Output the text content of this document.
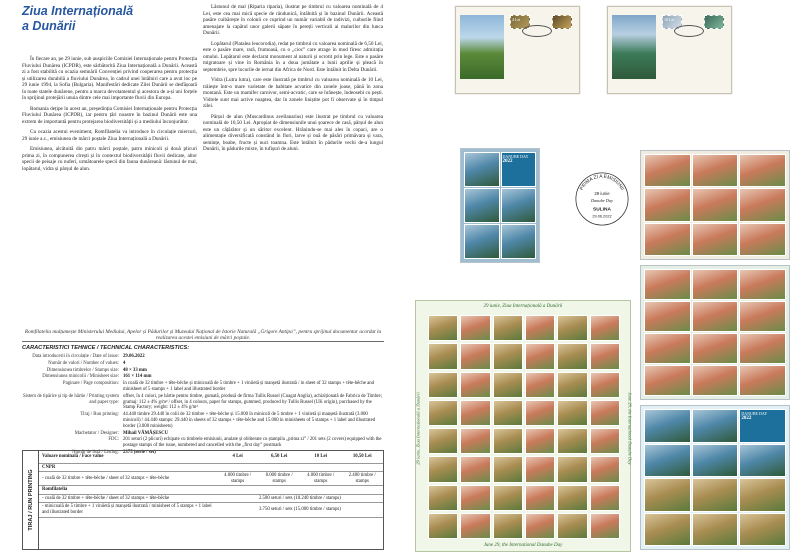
Ziua Internațională
a Dunării

În fiecare an, pe 29 iunie, sub auspiciile Comisiei Internaționale pentru Protecția Fluviului Dunărea (ICPDR), este sărbătorită Ziua Internațională a Dunării. Această zi a fost stabilită cu ocazia semnării Convenției privind cooperarea pentru protecția și utilizarea durabilă a fluviului Dunărea, în cadrul unei întâlniri care a avut loc pe 29 iunie 1994, la Sofia (Bulgaria). Manifestări dedicate Zilei Dunării se desfășoară în toate statele dunărene, pentru a marca devotamentul și acestora de a-și uni forțele în sprijinul protejării unuia dintre cele mai importante fluvii din Europa.

Romania dețipe în acest an, președinția Comisiei Internaționale pentru Protecția Fluviului Dunărea (ICPDR), iar pentru țări noastre în bazinul Dunării este una extrem de importantă pentru protejarea biodiversității și a mediului înconjurător.

Cu ocazia acestui eveniment, Romfilatelia va introduce în circulație miercuri, 29 iunie a.c., emisiunea de mărci poștale Ziua Internațională a Dunării.

Emisiunea, alcătuită din patru mărci poștale, patru minicoli și două plicuri prima zi, în compunerea clrești și în contextul biodiversității fluvii dedicate, altor specii de peisaje cu nuferi, următoarele specii din fauna dunăreană: lăstunul de mal, lopătarul, vidra și pârșul de alun.

Lăstunul de mal (Riparia riparia), ilustrat pe timbrul cu valoarea nominală de 4 Lei, este cea mai mică specie de rândunică, întâlnită și în bazinul Dunării. Această pasăre cuibărește în colonii ce cuprind un număr variabil de indivizi, cuiburile fiind amenajate la capătul unor galerii săpate în pereții verticali ai malurilor din lunca Dunării.

Lopătarul (Platalea leucorodia), redat pe timbrul cu valoarea nominală de 6,50 Lei, este o pasăre mare, rară, frumoasă, cu o „cioc” care atrage în mod firesc admirația omului. Lopătarul este declarat monument al naturii și ocrotit prin lege. Este o pasăre migratoare și vine în România în a doua jumătate a lunii aprilie și pleacă în septembrie, spre locurile de iernat din Africa de Nord. Este întâlnit în Delta Dunării.

Vidra (Lutra lutra), care este ilustrată pe timbrul cu valoarea nominală de 10 Lei, trăiește într-o mare varietate de habitate acvatice din zonele joase, până în zona montană. Este un mamifer carnivor, semi-acvatic, care se hrănește, îndeosebi cu pești. Vidrele sunt mai active noaptea, dar în zonele liniștite pot fi observate și în timpul zilei.

Pârșul de alun (Muscardinus avellanarius) este ilustrat pe timbrul cu valoarea nominală de 10,50 Lei. Apropiat de dimensiunile unui șoarece de casă, pârșul de alun este un cățărător și un săritor excelent. Hrănindu-se mai ales în copaci, are o alimentație diversificată constând în flori, larve și ouă de păsări primăvara și vara, semințe, boabe, fructe și nuci toamna. Este întâlnit în pădurile vechi de-a lungul Dunării, în pădurile mixte, în tufișuri de aluni.

Romfilatelia mulțumește Ministerului Mediului, Apelor și Pădurilor și Muzeului Național de Istorie Naturală „Grigore Antipa”, pentru sprijinul documentar acordat la realizarea acestei emisiuni de mărci poștale.
CARACTERISTICI TEHNICE / TECHNICAL CHARACTERISTICS:
Data introducerii în circulație / Date of issue: 29.06.2022
Număr de valori / Number of values: 4
Dimensiunea timbrelor / Stamps size: 48 × 33 mm
Dimensiunea minicolii / Minisheet size: 161 × 114 mm
Paginare / Page composition: în coală de 32 timbre + tête-bêche și minicoală de 5 timbre + 1 viniietă și manșetă ilustrată / in sheet of 32 stamps + tête-bêche and minisheet of 5 stamps + 1 label and illustrated border
Sistem de tipărire și tip de hârtie / Printing system and paper type:
offset, în 4 culori, pe hârtie pentru timbre, gumată, produsă de firma Tullis Russel (Cuagat Anglia), achiziționată de Fabrica de Timbre; gramaj: 112 ± 4% g/m² / offset, in 4 colours, paper for stamps, gummed, produced by Tullis Russel (UK origin), purchased by the Stamp Factory; weight: 112 ± 4% g/m²
Tiraj / Run printing: 44.440 timbre 29.440 în colii de 32 timbre + tête-bêche și 15.000 în minicoli de 5 timbre + 1 viniietă și manșetă ilustrată (3.000 minicoli) / 44.440 stamps: 29.440 in sheets of 32 stamps + tête-bêche and 15.000 in minisheets of 5 stamps + 1 label and illustrated border (3.000 minisheets)
Machetator / Designer: Mihail VĂMĂȘESCU
FDC: 201 seturi (2 plicuri) echipate cu timbrele emisiunii, anulate și obliterate cu ștampila „prima zi” / 201 sets (2 covers) equipped with the postage stamps of the issue, numbered and cancelled with the „first day” postmark
Număr de listă / Listing: 2375 (serie / set)
TIRAJ / RUN PRINTING
Valoare nominală / Face value	4 Lei	6,50 Lei	10 Lei	10,50 Lei
CNPR				
- coală de 32 timbre + tête-bêche / sheet of 32 stamps + tête-bêche	4.000 timbre / stamps	8.000 timbre / stamps	4.000 timbre / stamps	2.400 timbre / stamps
Romfilatelia				
- coală de 32 timbre + tête-bêche / sheet of 32 stamps + tête-bêche	2.580 seturi / sets (10.240 timbre / stamps)			
- minicoală de 5 timbre + 1 viniietă și manșetă ilustrată / minisheet of 5 stamps + 1 label and illustrated border	3.750 seturi / sets (15.000 timbre / stamps)			
4 Lei	10 Lei
DANUBE DAY
2022
PRIMA ZI A EMISIUNII
29 iunie
Danube Day
SULINA
29.06.2022
DANUBE DAY
2022
29 iunie, Ziua Internațională a Dunării
29 iunie, Ziua Internațională a Dunării	June 29, the International Danube Day
June 29, the International Danube Day
